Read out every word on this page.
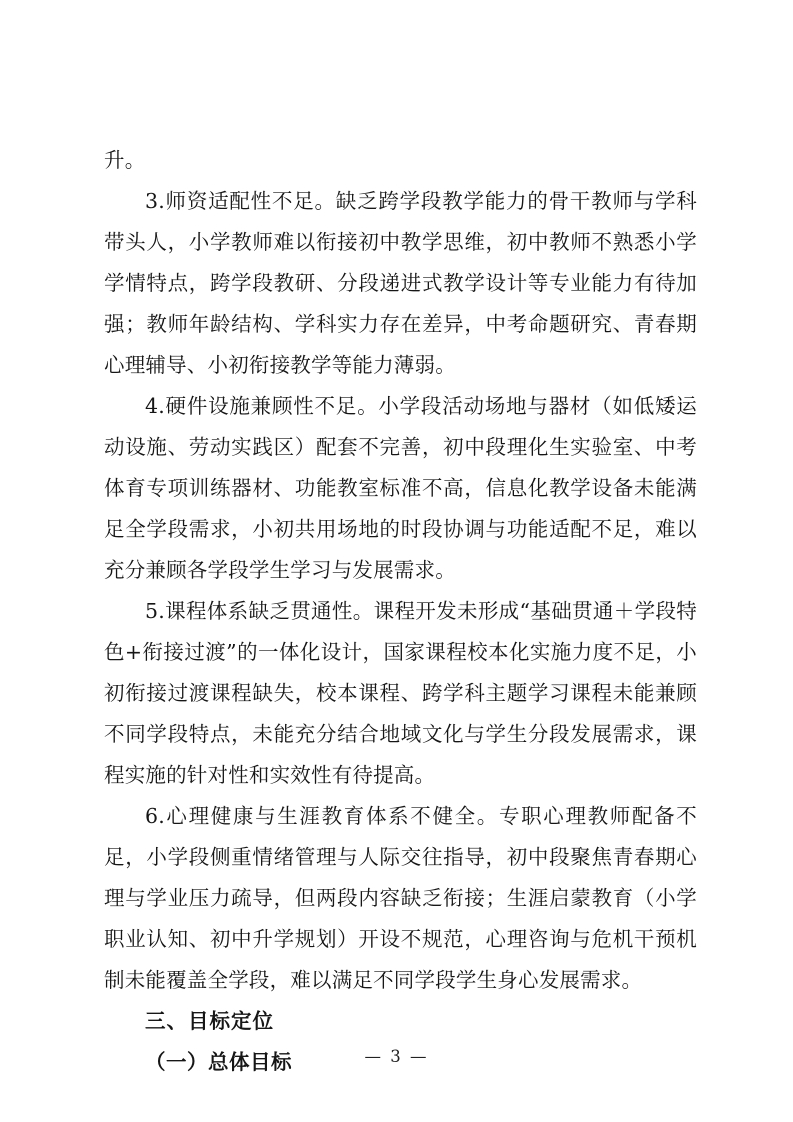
升。

3.师资适配性不足。缺乏跨学段教学能力的骨干教师与学科带头人，小学教师难以衔接初中教学思维，初中教师不熟悉小学学情特点，跨学段教研、分段递进式教学设计等专业能力有待加强；教师年龄结构、学科实力存在差异，中考命题研究、青春期心理辅导、小初衔接教学等能力薄弱。

4.硬件设施兼顾性不足。小学段活动场地与器材（如低矮运动设施、劳动实践区）配套不完善，初中段理化生实验室、中考体育专项训练器材、功能教室标准不高，信息化教学设备未能满足全学段需求，小初共用场地的时段协调与功能适配不足，难以充分兼顾各学段学生学习与发展需求。

5.课程体系缺乏贯通性。课程开发未形成“基础贯通＋学段特色+衔接过渡”的一体化设计，国家课程校本化实施力度不足，小初衔接过渡课程缺失，校本课程、跨学科主题学习课程未能兼顾不同学段特点，未能充分结合地域文化与学生分段发展需求，课程实施的针对性和实效性有待提高。

6.心理健康与生涯教育体系不健全。专职心理教师配备不足，小学段侧重情绪管理与人际交往指导，初中段聚焦青春期心理与学业压力疏导，但两段内容缺乏衔接；生涯启蒙教育（小学职业认知、初中升学规划）开设不规范，心理咨询与危机干预机制未能覆盖全学段，难以满足不同学段学生身心发展需求。

三、目标定位

（一）总体目标	— 3 —
